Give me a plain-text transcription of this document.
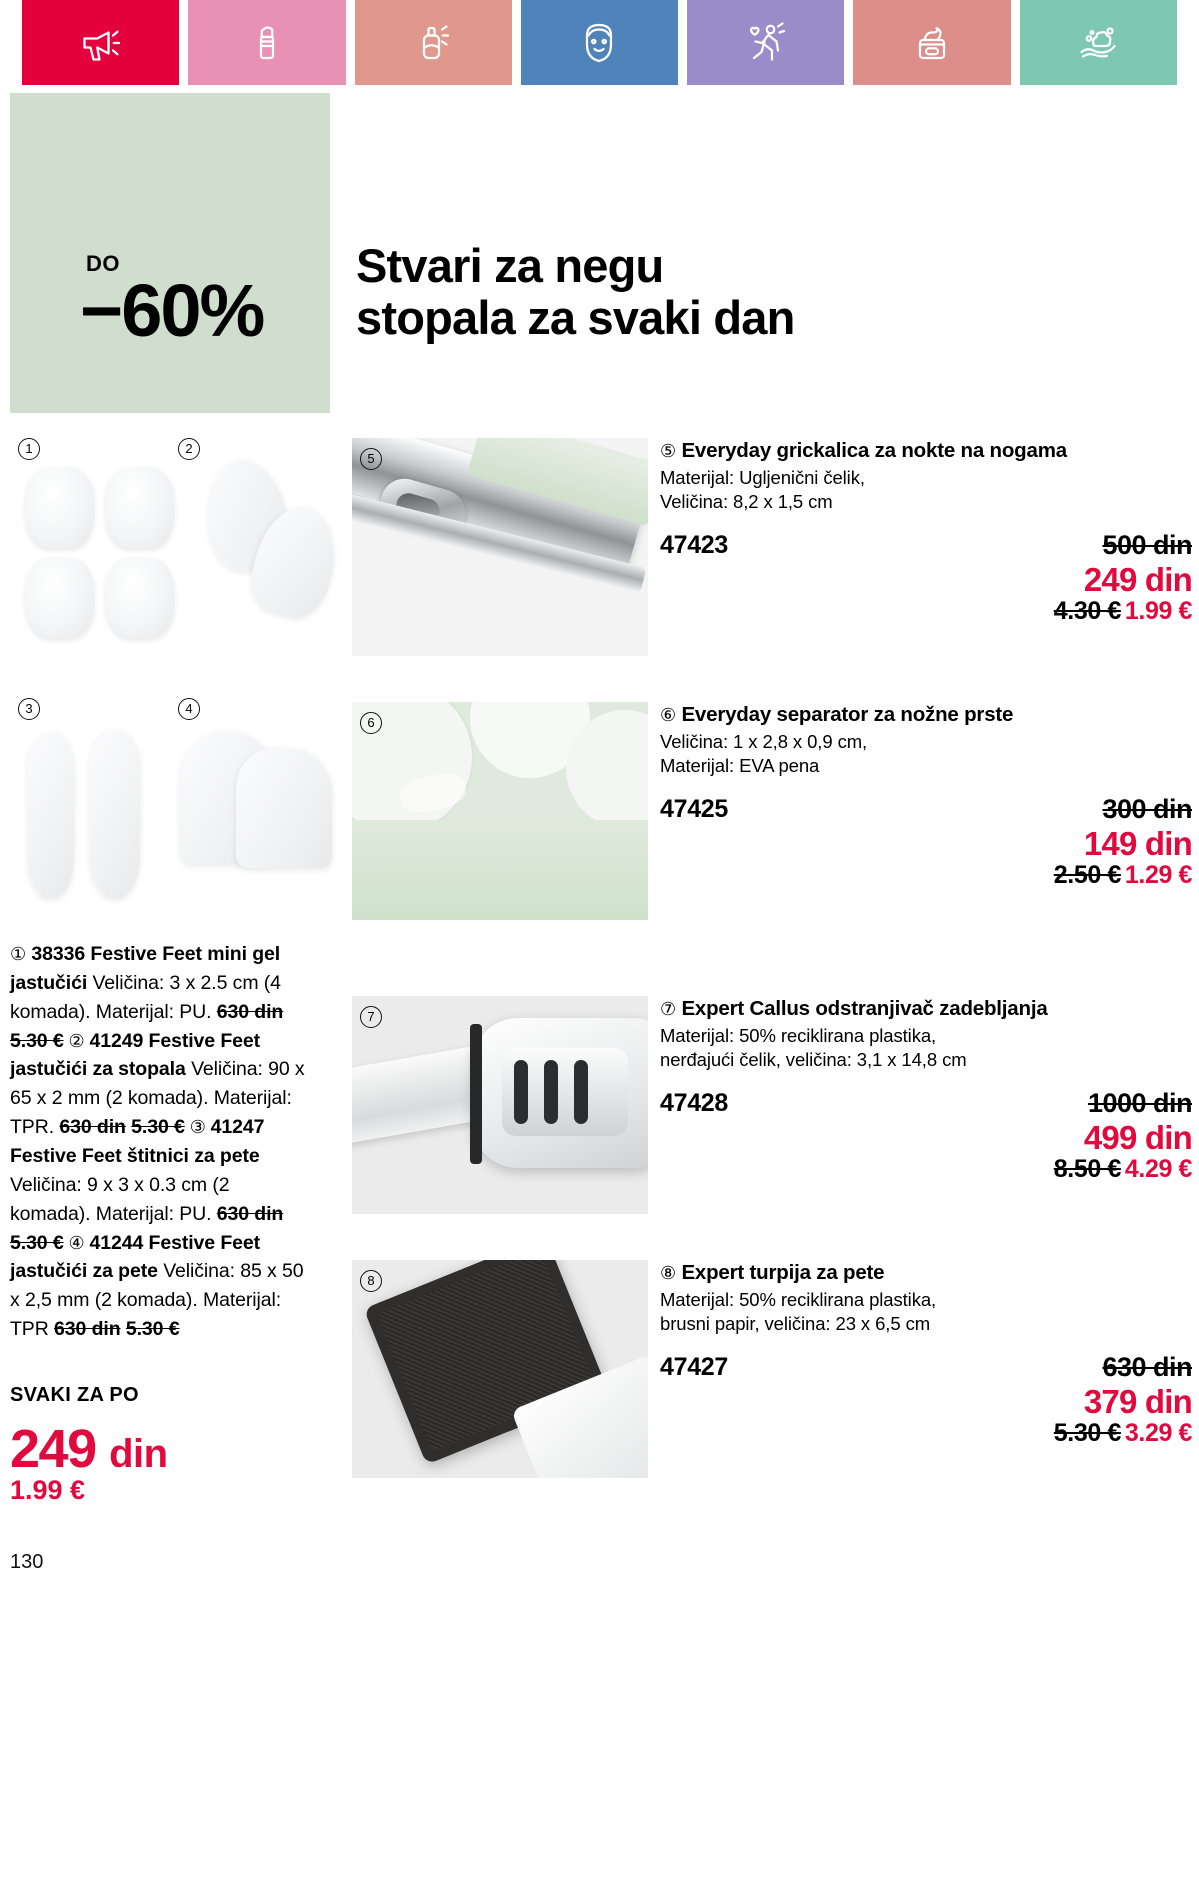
DO
−60%
Stvari za negu
stopala za svaki dan
1	2
3	4
① 38336 Festive Feet mini gel jastučići Veličina: 3 x 2.5 cm (4 komada). Materijal: PU. 630 din 5.30 € ② 41249 Festive Feet jastučići za stopala Veličina: 90 x 65 x 2 mm (2 komada). Materijal: TPR. 630 din 5.30 € ③ 41247 Festive Feet štitnici za pete Veličina: 9 x 3 x 0.3 cm (2 komada). Materijal: PU. 630 din 5.30 € ④ 41244 Festive Feet jastučići za pete Veličina: 85 x 50 x 2,5 mm (2 komada). Materijal: TPR 630 din 5.30 €
SVAKI ZA PO
249 din
1.99 €
130
5	⑤ Everyday grickalica za nokte na nogama
Materijal: Ugljenični čelik,
Veličina: 8,2 x 1,5 cm
47423	500 din
249 din
4.30 € 1.99 €
6	⑥ Everyday separator za nožne prste
Veličina: 1 x 2,8 x 0,9 cm,
Materijal: EVA pena
47425	300 din
149 din
2.50 € 1.29 €
7	⑦ Expert Callus odstranjivač zadebljanja
Materijal: 50% reciklirana plastika,
nerđajući čelik, veličina: 3,1 x 14,8 cm
47428	1000 din
499 din
8.50 € 4.29 €
8	⑧ Expert turpija za pete
Materijal: 50% reciklirana plastika,
brusni papir, veličina: 23 x 6,5 cm
47427	630 din
379 din
5.30 € 3.29 €
